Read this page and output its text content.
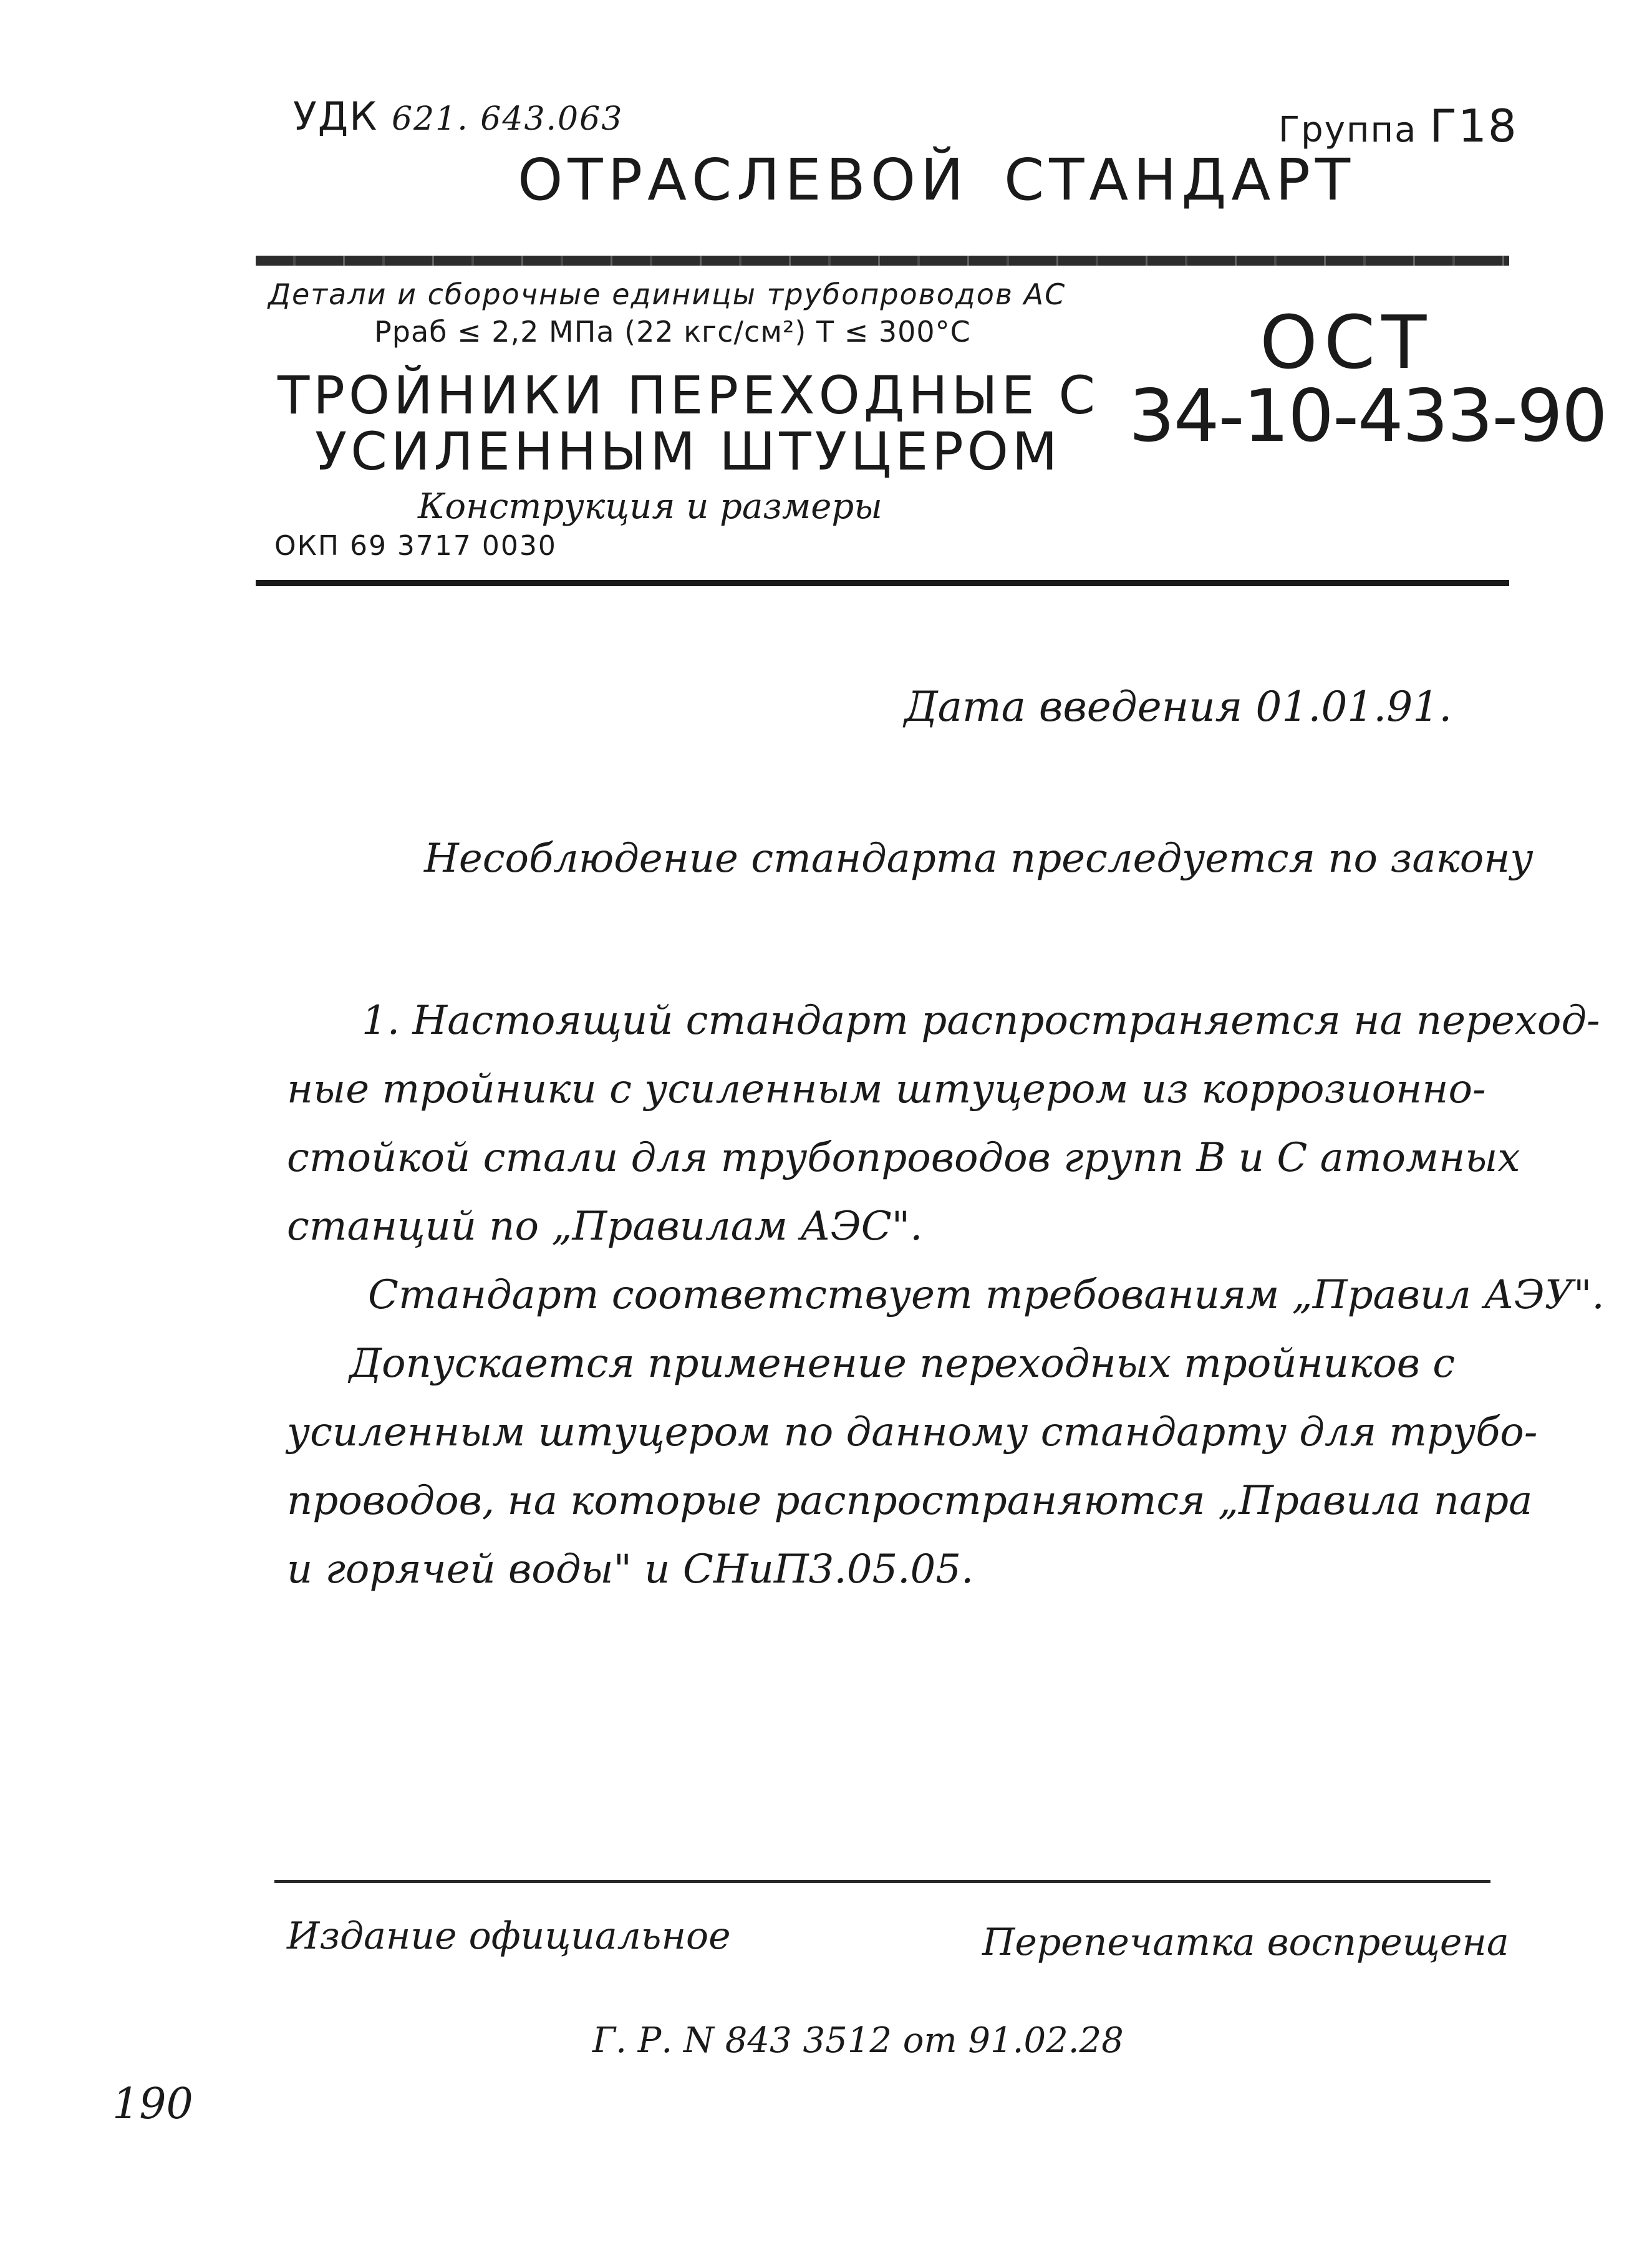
УДК 621. 643.063	Группа Г18
ОТРАСЛЕВОЙ СТАНДАРТ
Детали и сборочные единицы трубопроводов АС
Рраб ≤ 2,2 МПа (22 кгс/см²) Т ≤ 300°С
ТРОЙНИКИ ПЕРЕХОДНЫЕ С
УСИЛЕННЫМ ШТУЦЕРОМ
ОСТ
34-10-433-90
Конструкция и размеры
ОКП 69 3717 0030
Дата введения 01.01.91.
Несоблюдение стандарта преследуется по закону
1. Настоящий стандарт распространяется на переход-
ные тройники с усиленным штуцером из коррозионно-
стойкой стали для трубопроводов групп В и С атомных
станций по „Правилам АЭС".
Стандарт соответствует требованиям „Правил АЭУ".
Допускается применение переходных тройников с
усиленным штуцером по данному стандарту для трубо-
проводов, на которые распространяются „Правила пара
и горячей воды" и СНиП3.05.05.
Издание официальное	Перепечатка воспрещена
Г. Р. N 843 3512 от 91.02.28
190
